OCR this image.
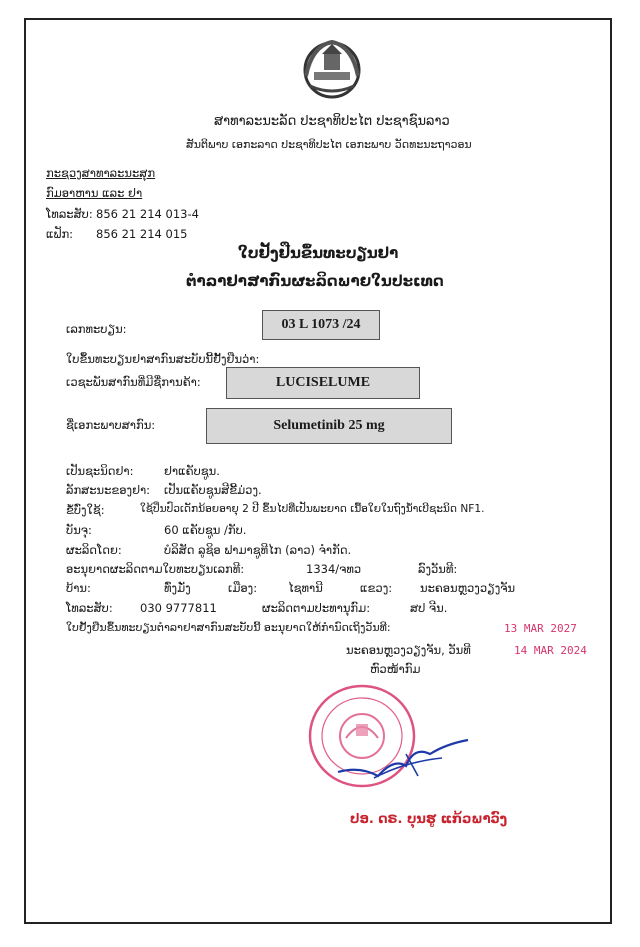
ສາທາລະນະລັດ ປະຊາທິປະໄຕ ປະຊາຊົນລາວ
ສັນຕິພາບ ເອກະລາດ ປະຊາທິປະໄຕ ເອກະພາບ ວັດທະນະຖາວອນ
ກະຊວງສາທາລະນະສຸກ
ກົມອາຫານ ແລະ ຢາ
ໂທລະສັບ: 856 21 214 013-4
ແຟັກ: 856 21 214 015
ໃບຢັ້ງຢືນຂຶ້ນທະບຽນຢາ
ຕຳລາຢາສາກົນຜະລິດພາຍໃນປະເທດ
ເລກທະບຽນ:	03 L 1073 /24
ໃບຂຶ້ນທະບຽນຢາສາກົນສະບັບນີ້ຢັ້ງຢືນວ່າ:
ເວຊະພັນສາກົນທີ່ມີຊື່ການຄ້າ:	LUCISELUME
ຊື່ເອກະພາບສາກົນ:	Selumetinib 25 mg
ເປັນຊະນິດຢາ:	ຢາແຄັບຊູນ.
ລັກສະນະຂອງຢາ: ເປັນແຄັບຊູນສີຂີ້ມ່ວງ.
ຂໍ້ບົ່ງໃຊ້:	ໃຊ້ປິ່ນປົວເດັກນ້ອຍອາຍຸ 2 ປີ ຂຶ້ນໄປທີ່ເປັນພະຍາດ ເນື້ອໃຍໃນຖົງນ້ຳເບີຊະນິດ NF1.
ບັນຈຸ:	60 ແຄັບຊູນ /ກັບ.
ຜະລິດໂດຍ:	ບໍລິສັດ ລູຊິອ ຟາມາຊູທີໄກ (ລາວ) ຈຳກັດ.
ອະນຸຍາດຜະລິດຕາມໃບທະບຽນເລກທີ:	1334/ຈທວ	ລົງວັນທີ:
ບ້ານ:	ທົ່ງມັ່ງ	ເມືອງ:	ໄຊທານີ	ແຂວງ: ນະຄອນຫຼວງວຽງຈັນ
ໂທລະສັບ: 030 9777811	ຜະລິດຕາມປະທານຸກົມ:	ສປ ຈີນ.
ໃບຢັ້ງຢືນຂຶ້ນທະບຽນຕຳລາຢາສາກົນສະບັບນີ້ ອະນຸຍາດໃຫ້ກຳນົດເຖິງວັນທີ:	13 MAR 2027
ນະຄອນຫຼວງວຽງຈັນ, ວັນທີ	14 MAR 2024
ຫົວໜ້າກົມ
ປອ. ດຣ. ບຸນຮູ ແກ້ວພາວົງ
